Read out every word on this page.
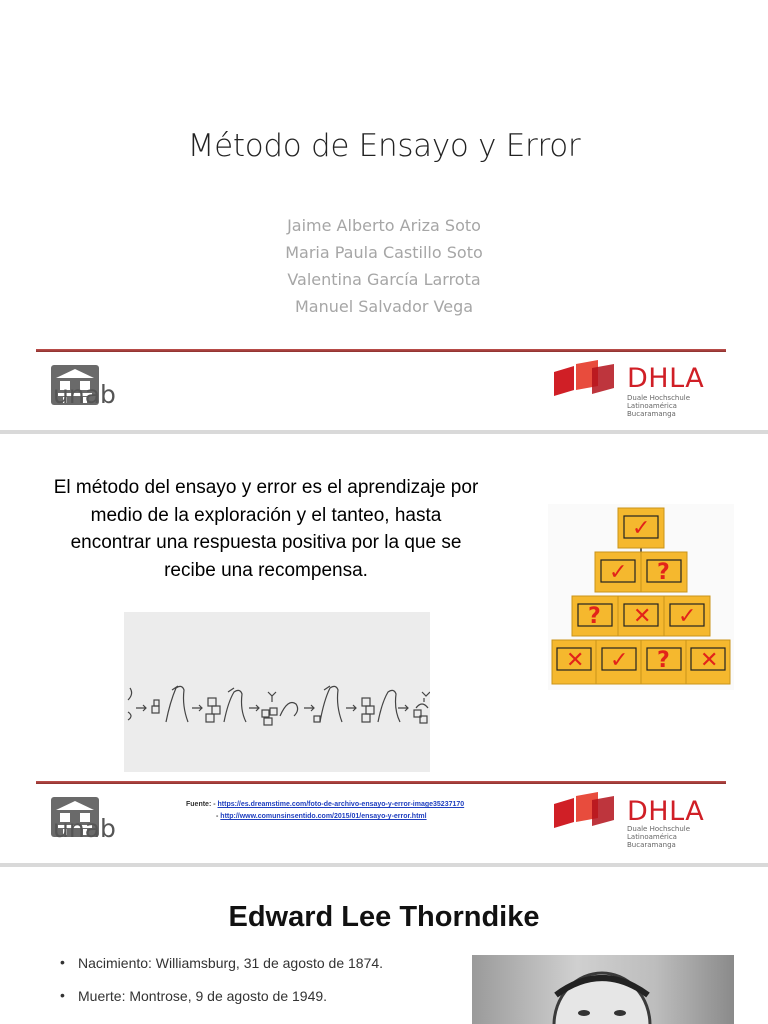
Método de Ensayo y Error
Jaime Alberto Ariza Soto
Maria Paula Castillo Soto
Valentina García Larrota
Manuel Salvador Vega
unab
DHLA
Duale Hochschule
Latinoamérica
Bucaramanga
El método del ensayo y error es el aprendizaje por medio de la exploración y el tanteo, hasta encontrar una respuesta positiva por la que se recibe una recompensa.
✓
✓ ?
? ✕ ✓
✕ ✓ ? ✕
unab
Fuente: - https://es.dreamstime.com/foto-de-archivo-ensayo-y-error-image35237170
- http://www.comunsinsentido.com/2015/01/ensayo-y-error.html	DHLA
Duale Hochschule
Latinoamérica
Bucaramanga
Edward Lee Thorndike
• Nacimiento: Williamsburg, 31 de agosto de 1874.
• Muerte: Montrose, 9 de agosto de 1949.
